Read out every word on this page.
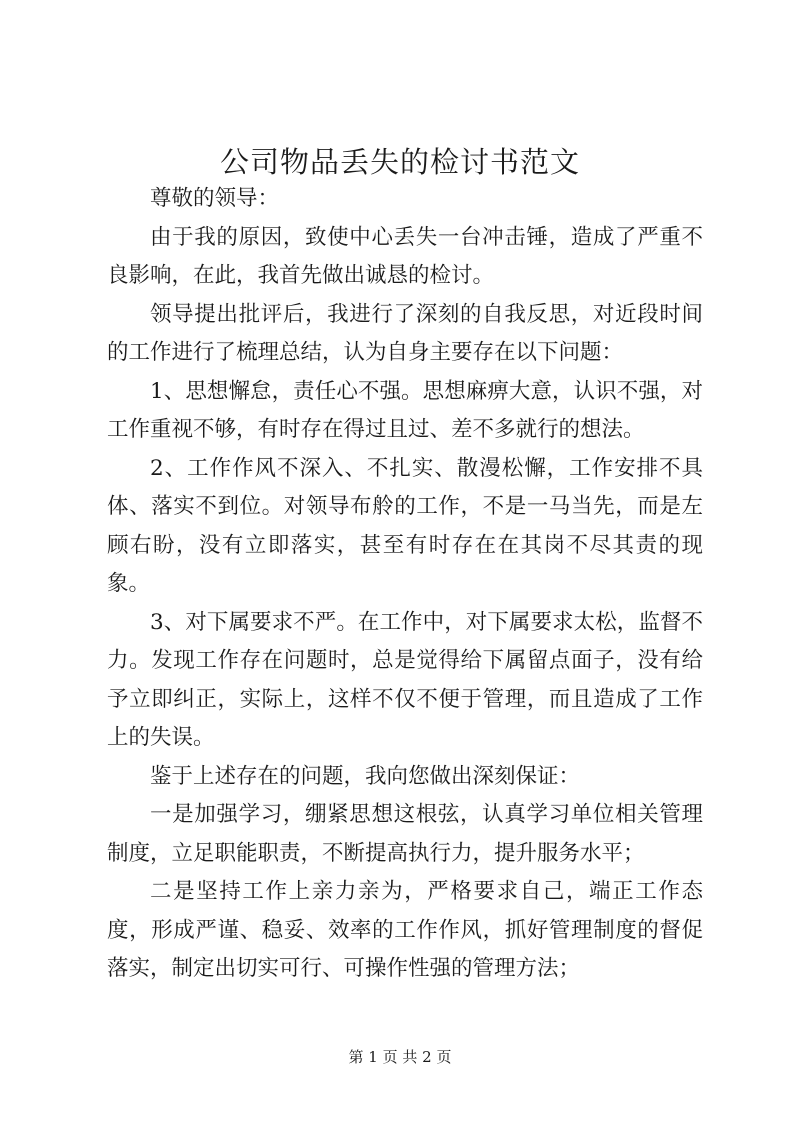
公司物品丢失的检讨书范文

尊敬的领导：

由于我的原因，致使中心丢失一台冲击锤，造成了严重不良影响，在此，我首先做出诚恳的检讨。

领导提出批评后，我进行了深刻的自我反思，对近段时间的工作进行了梳理总结，认为自身主要存在以下问题：

1、思想懈怠，责任心不强。思想麻痹大意，认识不强，对工作重视不够，有时存在得过且过、差不多就行的想法。

2、工作作风不深入、不扎实、散漫松懈，工作安排不具体、落实不到位。对领导布舲的工作，不是一马当先，而是左顾右盼，没有立即落实，甚至有时存在在其岗不尽其责的现象。

3、对下属要求不严。在工作中，对下属要求太松，监督不力。发现工作存在问题时，总是觉得给下属留点面子，没有给予立即纠正，实际上，这样不仅不便于管理，而且造成了工作上的失误。

鉴于上述存在的问题，我向您做出深刻保证：

一是加强学习，绷紧思想这根弦，认真学习单位相关管理制度，立足职能职责，不断提高执行力，提升服务水平；

二是坚持工作上亲力亲为，严格要求自己，端正工作态度，形成严谨、稳妥、效率的工作作风，抓好管理制度的督促落实，制定出切实可行、可操作性强的管理方法；

第 1 页 共 2 页
